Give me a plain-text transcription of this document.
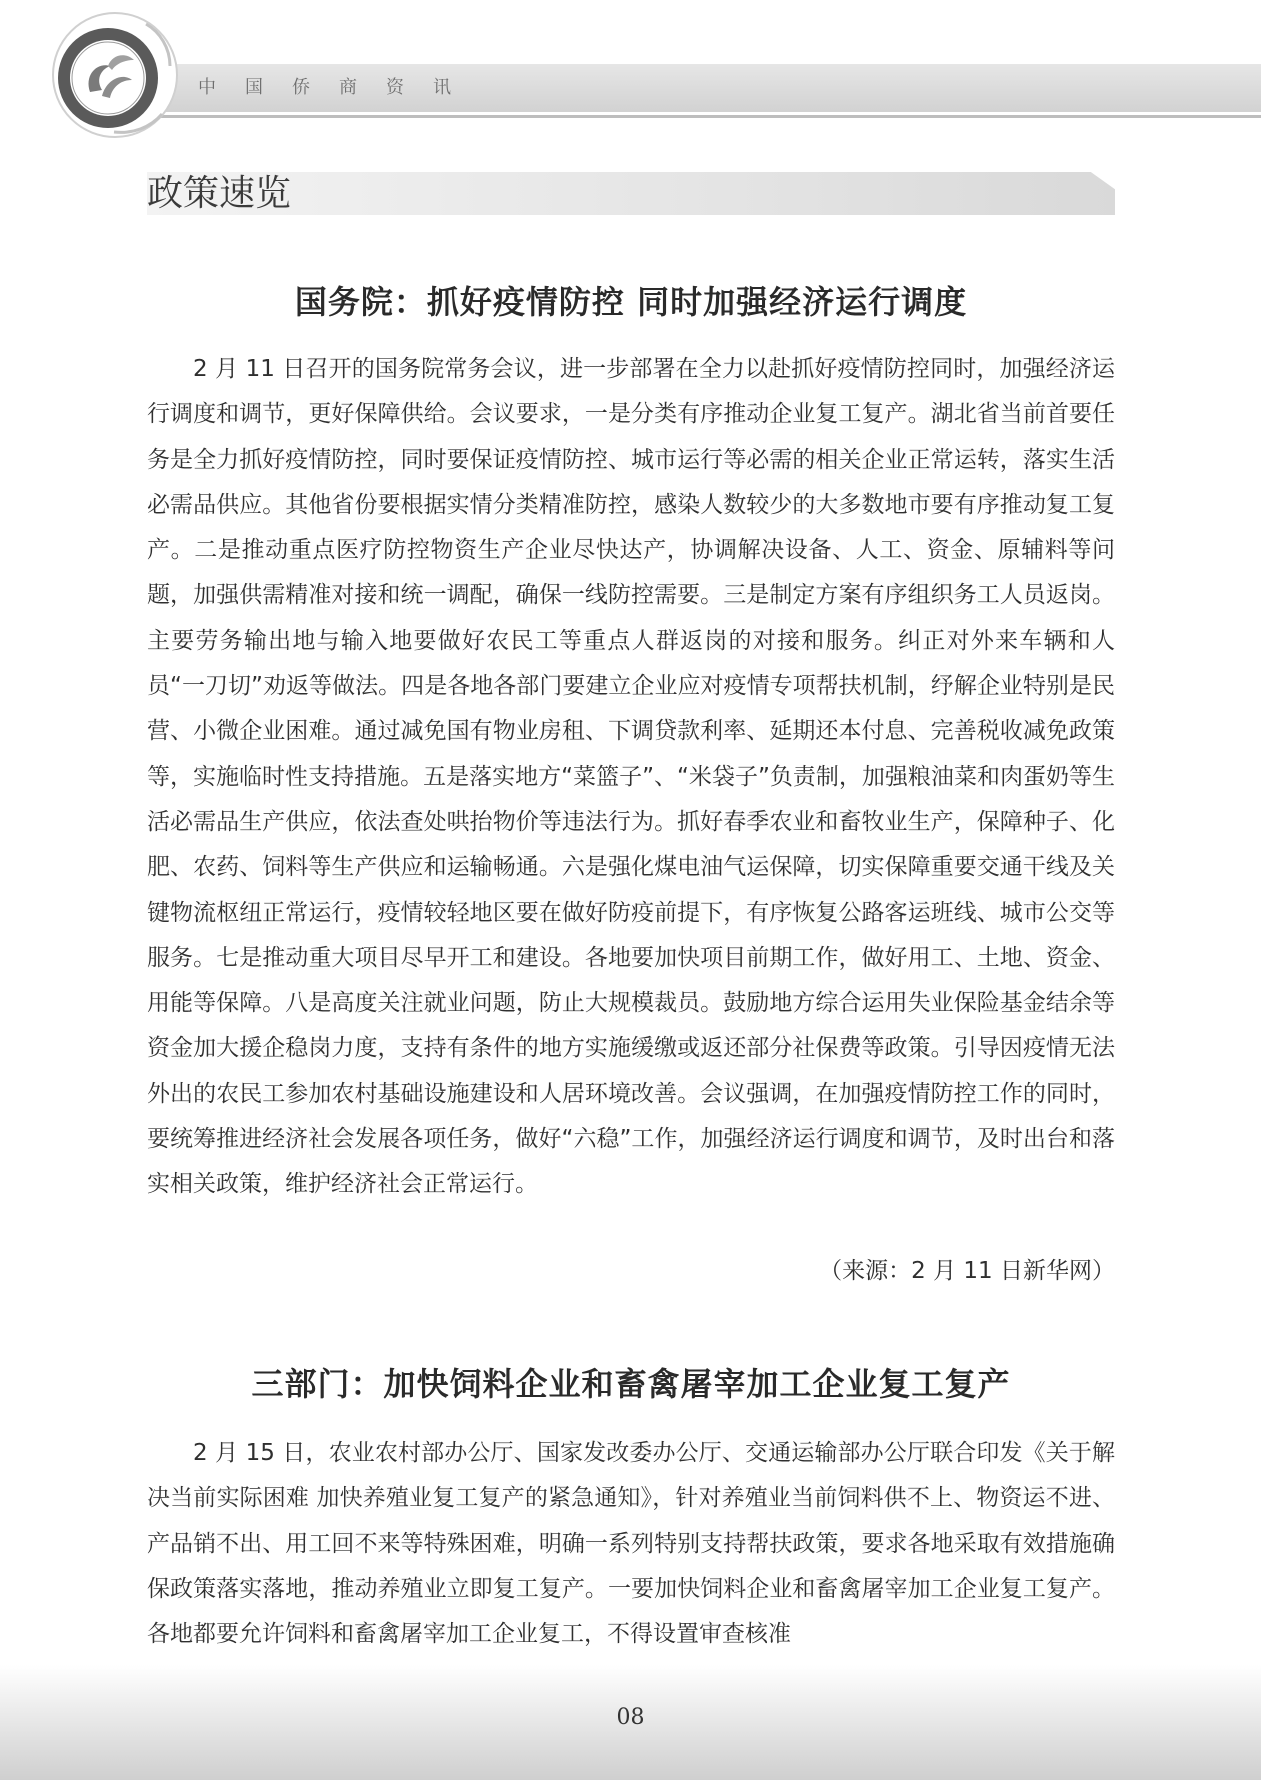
中国侨商资讯
政策速览
国务院：抓好疫情防控 同时加强经济运行调度

2 月 11 日召开的国务院常务会议，进一步部署在全力以赴抓好疫情防控同时，加强经济运行调度和调节，更好保障供给。会议要求，一是分类有序推动企业复工复产。湖北省当前首要任务是全力抓好疫情防控，同时要保证疫情防控、城市运行等必需的相关企业正常运转，落实生活必需品供应。其他省份要根据实情分类精准防控，感染人数较少的大多数地市要有序推动复工复产。二是推动重点医疗防控物资生产企业尽快达产，协调解决设备、人工、资金、原辅料等问题，加强供需精准对接和统一调配，确保一线防控需要。三是制定方案有序组织务工人员返岗。主要劳务输出地与输入地要做好农民工等重点人群返岗的对接和服务。纠正对外来车辆和人员“一刀切”劝返等做法。四是各地各部门要建立企业应对疫情专项帮扶机制，纾解企业特别是民营、小微企业困难。通过减免国有物业房租、下调贷款利率、延期还本付息、完善税收减免政策等，实施临时性支持措施。五是落实地方“菜篮子”、“米袋子”负责制，加强粮油菜和肉蛋奶等生活必需品生产供应，依法查处哄抬物价等违法行为。抓好春季农业和畜牧业生产，保障种子、化肥、农药、饲料等生产供应和运输畅通。六是强化煤电油气运保障，切实保障重要交通干线及关键物流枢纽正常运行，疫情较轻地区要在做好防疫前提下，有序恢复公路客运班线、城市公交等服务。七是推动重大项目尽早开工和建设。各地要加快项目前期工作，做好用工、土地、资金、用能等保障。八是高度关注就业问题，防止大规模裁员。鼓励地方综合运用失业保险基金结余等资金加大援企稳岗力度，支持有条件的地方实施缓缴或返还部分社保费等政策。引导因疫情无法外出的农民工参加农村基础设施建设和人居环境改善。会议强调，在加强疫情防控工作的同时，要统筹推进经济社会发展各项任务，做好“六稳”工作，加强经济运行调度和调节，及时出台和落实相关政策，维护经济社会正常运行。

（来源：2 月 11 日新华网）
三部门：加快饲料企业和畜禽屠宰加工企业复工复产

2 月 15 日，农业农村部办公厅、国家发改委办公厅、交通运输部办公厅联合印发《关于解决当前实际困难 加快养殖业复工复产的紧急通知》，针对养殖业当前饲料供不上、物资运不进、产品销不出、用工回不来等特殊困难，明确一系列特别支持帮扶政策，要求各地采取有效措施确保政策落实落地，推动养殖业立即复工复产。一要加快饲料企业和畜禽屠宰加工企业复工复产。各地都要允许饲料和畜禽屠宰加工企业复工，不得设置审查核准

08
